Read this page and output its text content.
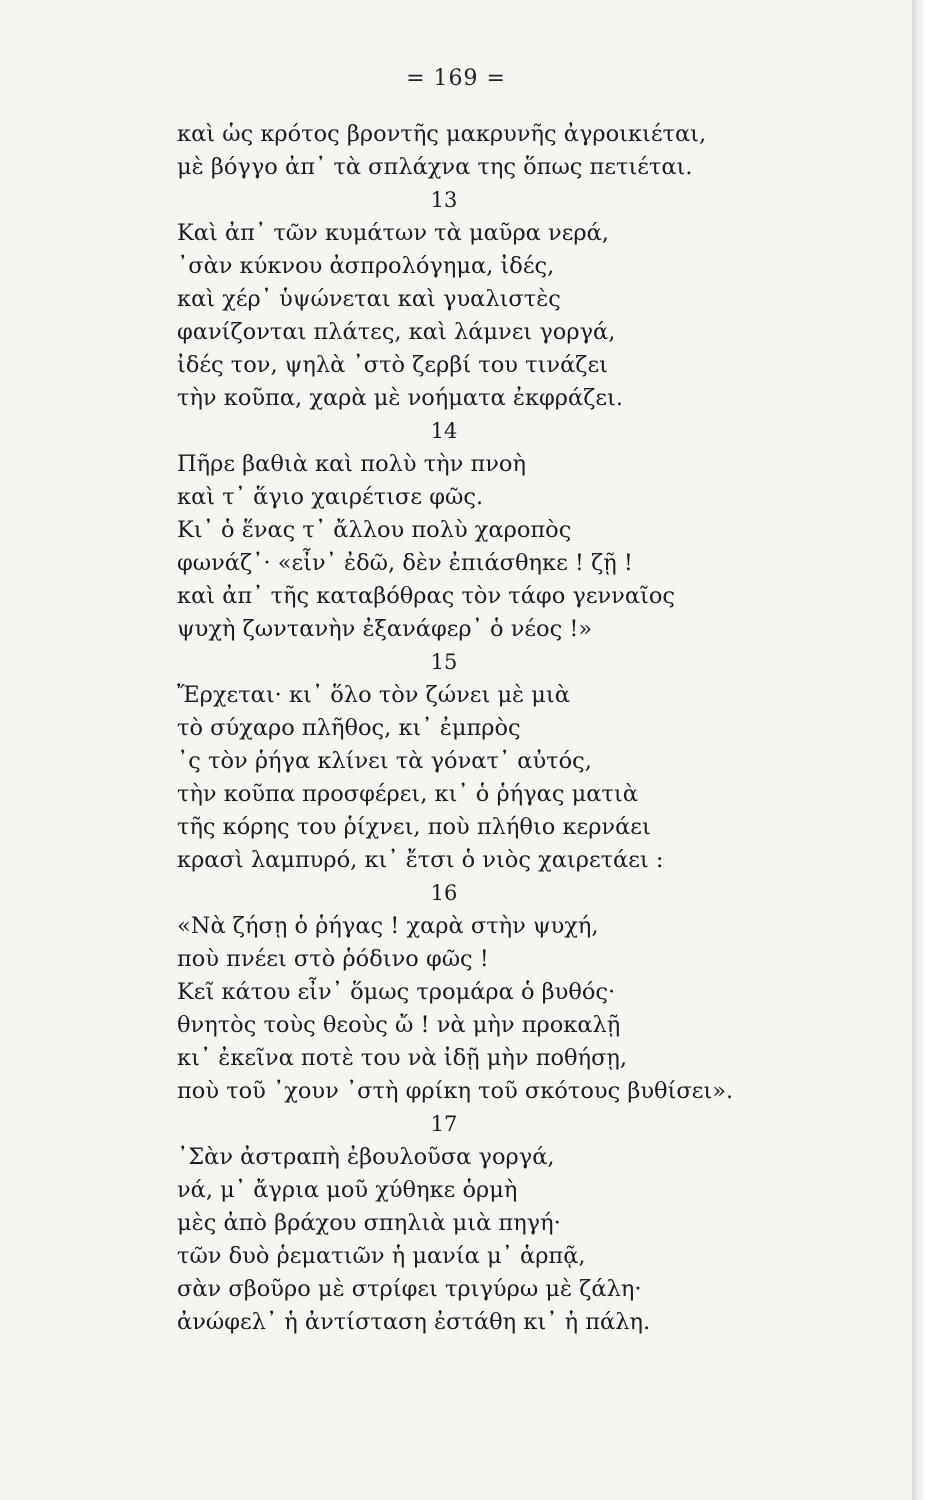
= 169 =
καὶ ὡς κρότος βροντῆς μακρυνῆς ἀγροικιέται,
μὲ βόγγο ἀπ᾿ τὰ σπλάχνα της ὅπως πετιέται.
13
Καὶ ἀπ᾿ τῶν κυμάτων τὰ μαῦρα νερά,
᾿σὰν κύκνου ἀσπρολόγημα, ἰδές,
καὶ χέρ᾿ ὑψώνεται καὶ γυαλιστὲς
φανίζονται πλάτες, καὶ λάμνει γοργά,
ἰδές τον, ψηλὰ ᾿στὸ ζερβί του τινάζει
τὴν κοῦπα, χαρὰ μὲ νοήματα ἐκφράζει.
14
Πῆρε βαθιὰ καὶ πολὺ τὴν πνοὴ
καὶ τ᾿ ἅγιο χαιρέτισε φῶς.
Κι᾿ ὁ ἕνας τ᾿ ἄλλου πολὺ χαροπὸς
φωνάζ᾿· «εἶν᾿ ἐδῶ, δὲν ἐπιάσθηκε ! ζῇ !
καὶ ἀπ᾿ τῆς καταβόθρας τὸν τάφο γενναῖος
ψυχὴ ζωντανὴν ἐξανάφερ᾿ ὁ νέος !»
15
Ἔρχεται· κι᾿ ὅλο τὸν ζώνει μὲ μιὰ
τὸ σύχαρο πλῆθος, κι᾿ ἐμπρὸς
᾿ς τὸν ῥήγα κλίνει τὰ γόνατ᾿ αὐτός,
τὴν κοῦπα προσφέρει, κι᾿ ὁ ῥήγας ματιὰ
τῆς κόρης του ῥίχνει, ποὺ πλήθιο κερνάει
κρασὶ λαμπυρό, κι᾿ ἔτσι ὁ νιὸς χαιρετάει :
16
«Νὰ ζήσῃ ὁ ῥήγας ! χαρὰ στὴν ψυχή,
ποὺ πνέει στὸ ῥόδινο φῶς !
Κεῖ κάτου εἶν᾿ ὅμως τρομάρα ὁ βυθός·
θνητὸς τοὺς θεοὺς ὤ ! νὰ μὴν προκαλῇ
κι᾿ ἐκεῖνα ποτὲ του νὰ ἰδῇ μὴν ποθήσῃ,
ποὺ τοῦ ᾿χουν ᾿στὴ φρίκη τοῦ σκότους βυθίσει».
17
᾿Σὰν ἀστραπὴ ἐβουλοῦσα γοργά,
νά, μ᾿ ἄγρια μοῦ χύθηκε ὁρμὴ
μὲς ἀπὸ βράχου σπηλιὰ μιὰ πηγή·
τῶν δυὸ ῥεματιῶν ἡ μανία μ᾿ ἁρπᾷ,
σὰν σβοῦρο μὲ στρίφει τριγύρω μὲ ζάλη·
ἀνώφελ᾿ ἡ ἀντίσταση ἐστάθη κι᾿ ἡ πάλη.
